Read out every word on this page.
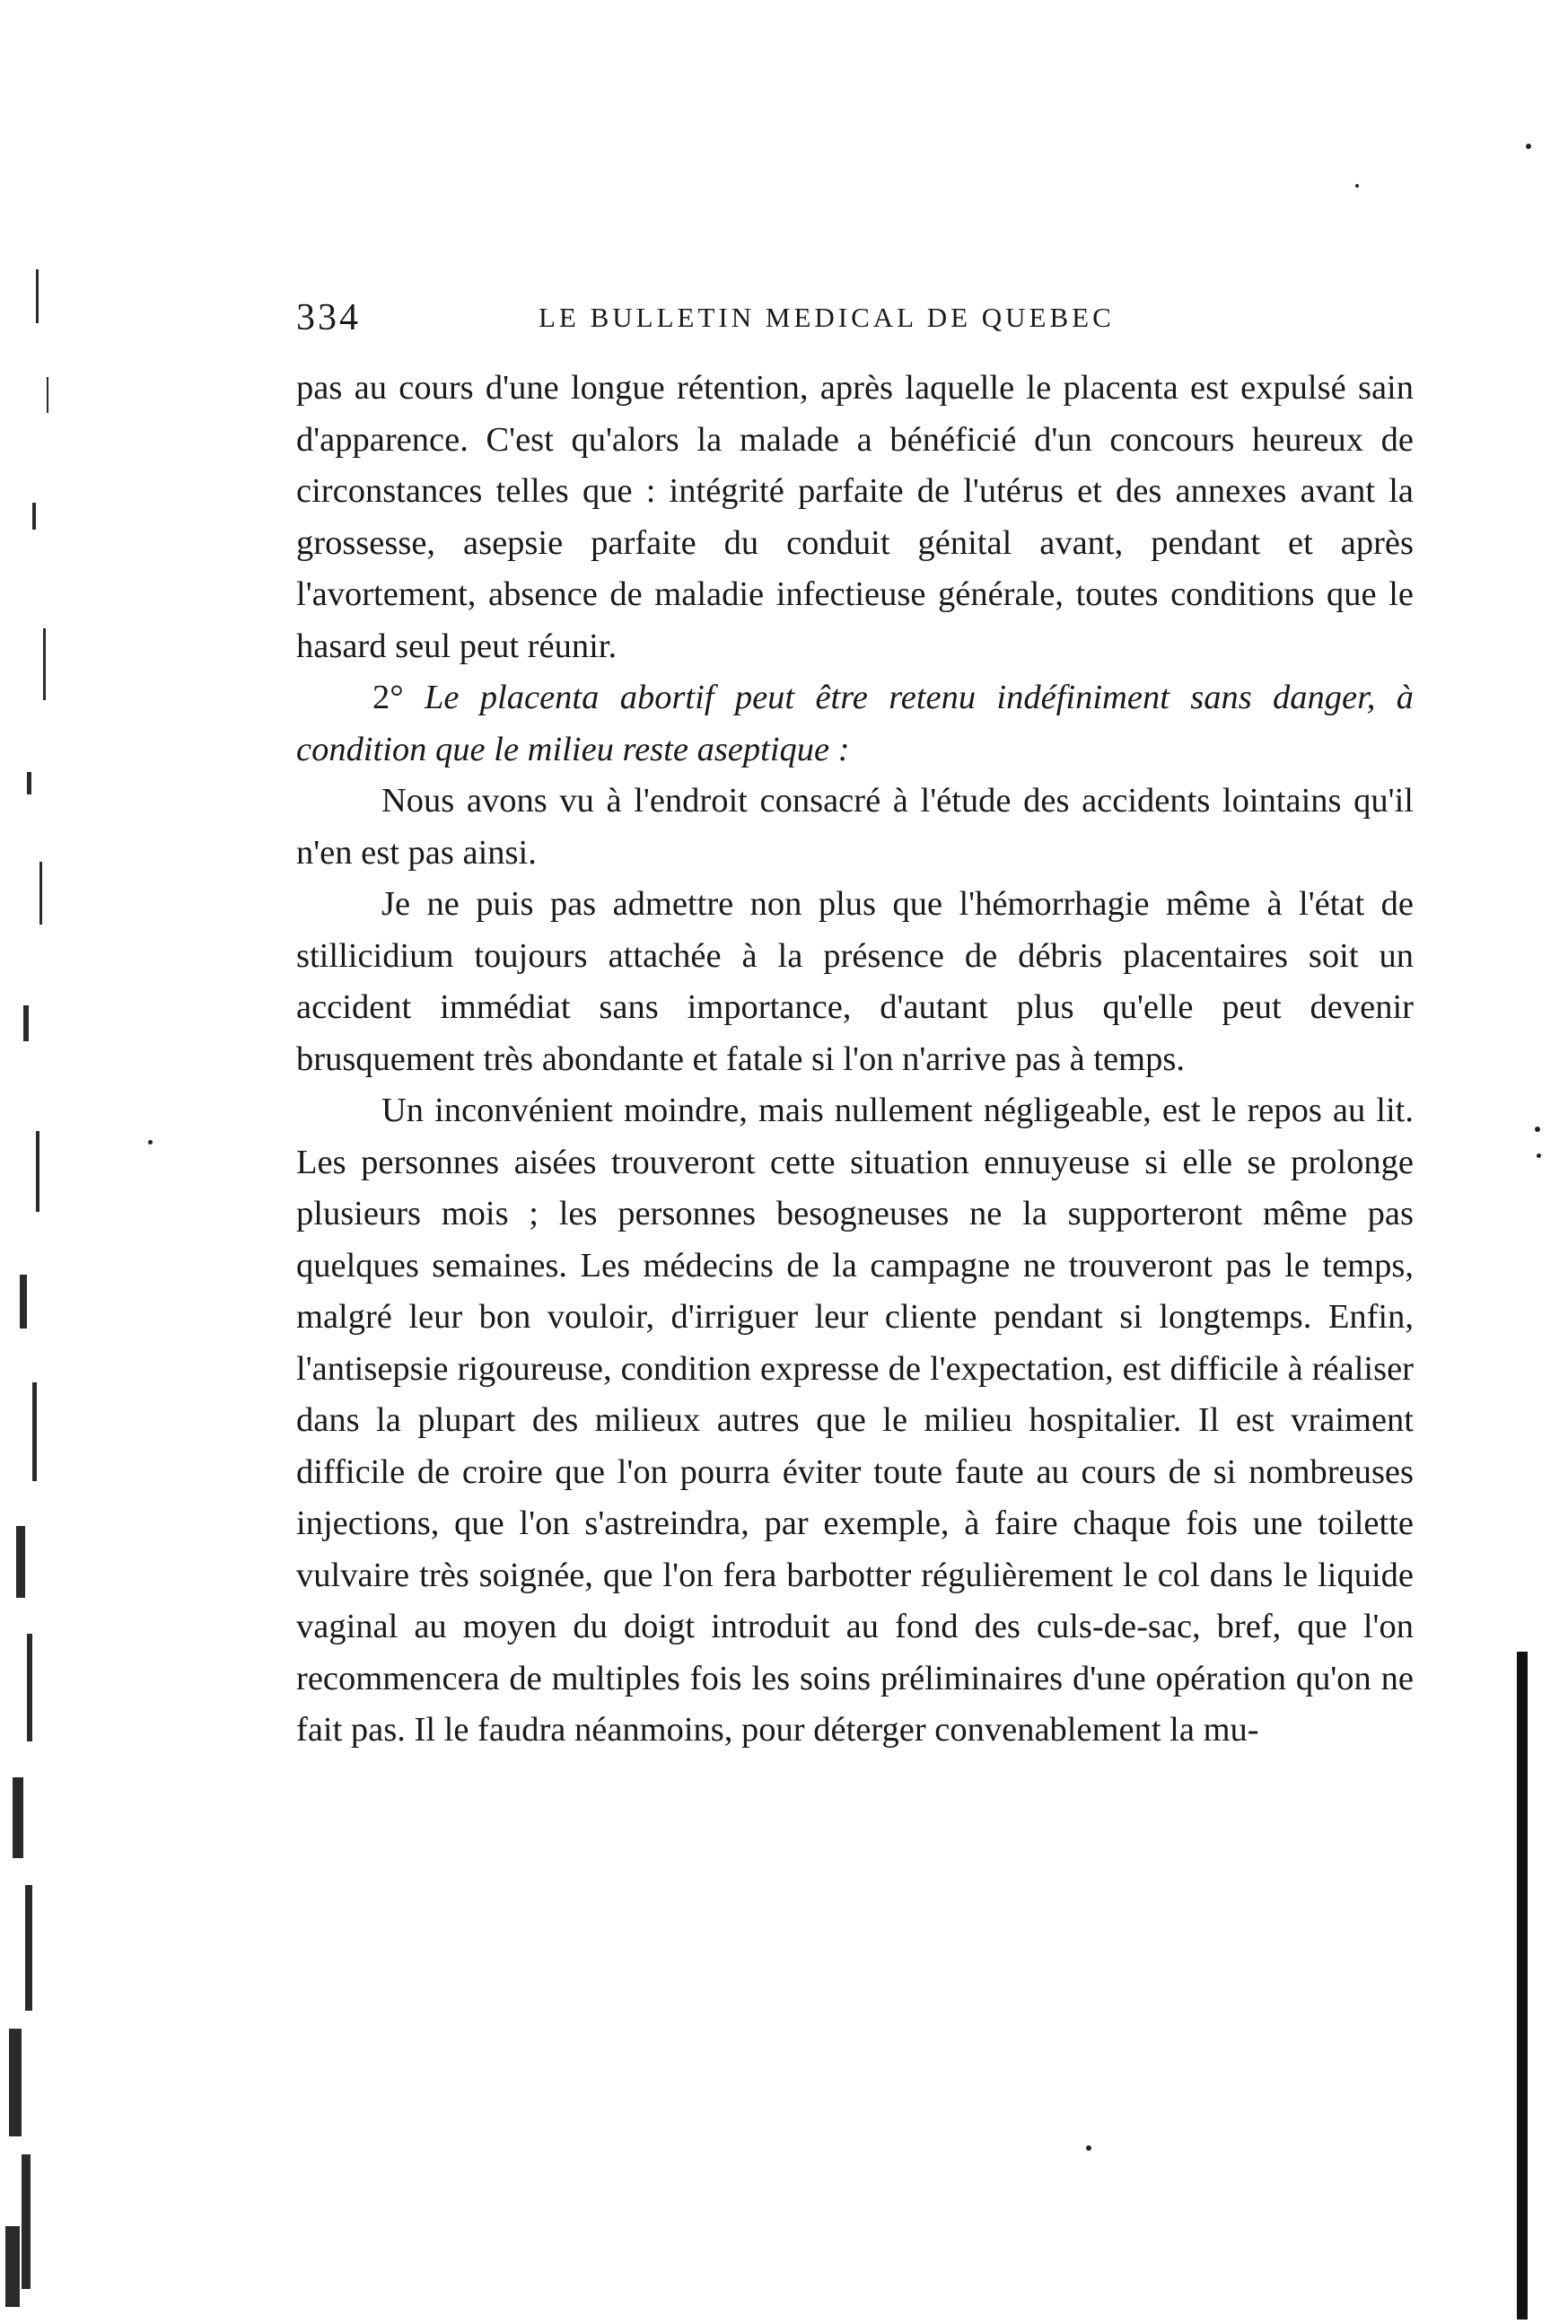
334	LE BULLETIN MEDICAL DE QUEBEC

pas au cours d'une longue rétention, après laquelle le placenta est expulsé sain d'apparence. C'est qu'alors la malade a bénéficié d'un concours heureux de circonstances telles que : intégrité parfaite de l'utérus et des annexes avant la grossesse, asepsie parfaite du conduit génital avant, pendant et après l'avortement, absence de maladie infectieuse générale, toutes conditions que le hasard seul peut réunir.

2° Le placenta abortif peut être retenu indéfiniment sans danger, à condition que le milieu reste aseptique :

Nous avons vu à l'endroit consacré à l'étude des accidents lointains qu'il n'en est pas ainsi.

Je ne puis pas admettre non plus que l'hémorrhagie même à l'état de stillicidium toujours attachée à la présence de débris placentaires soit un accident immédiat sans importance, d'autant plus qu'elle peut devenir brusquement très abondante et fatale si l'on n'arrive pas à temps.

Un inconvénient moindre, mais nullement négligeable, est le repos au lit. Les personnes aisées trouveront cette situation ennuyeuse si elle se prolonge plusieurs mois ; les personnes besogneuses ne la supporteront même pas quelques semaines. Les médecins de la campagne ne trouveront pas le temps, malgré leur bon vouloir, d'irriguer leur cliente pendant si longtemps. Enfin, l'antisepsie rigoureuse, condition expresse de l'expectation, est difficile à réaliser dans la plupart des milieux autres que le milieu hospitalier. Il est vraiment difficile de croire que l'on pourra éviter toute faute au cours de si nombreuses injections, que l'on s'astreindra, par exemple, à faire chaque fois une toilette vulvaire très soignée, que l'on fera barbotter régulièrement le col dans le liquide vaginal au moyen du doigt introduit au fond des culs-de-sac, bref, que l'on recommencera de multiples fois les soins préliminaires d'une opération qu'on ne fait pas. Il le faudra néanmoins, pour déterger convenablement la mu-
